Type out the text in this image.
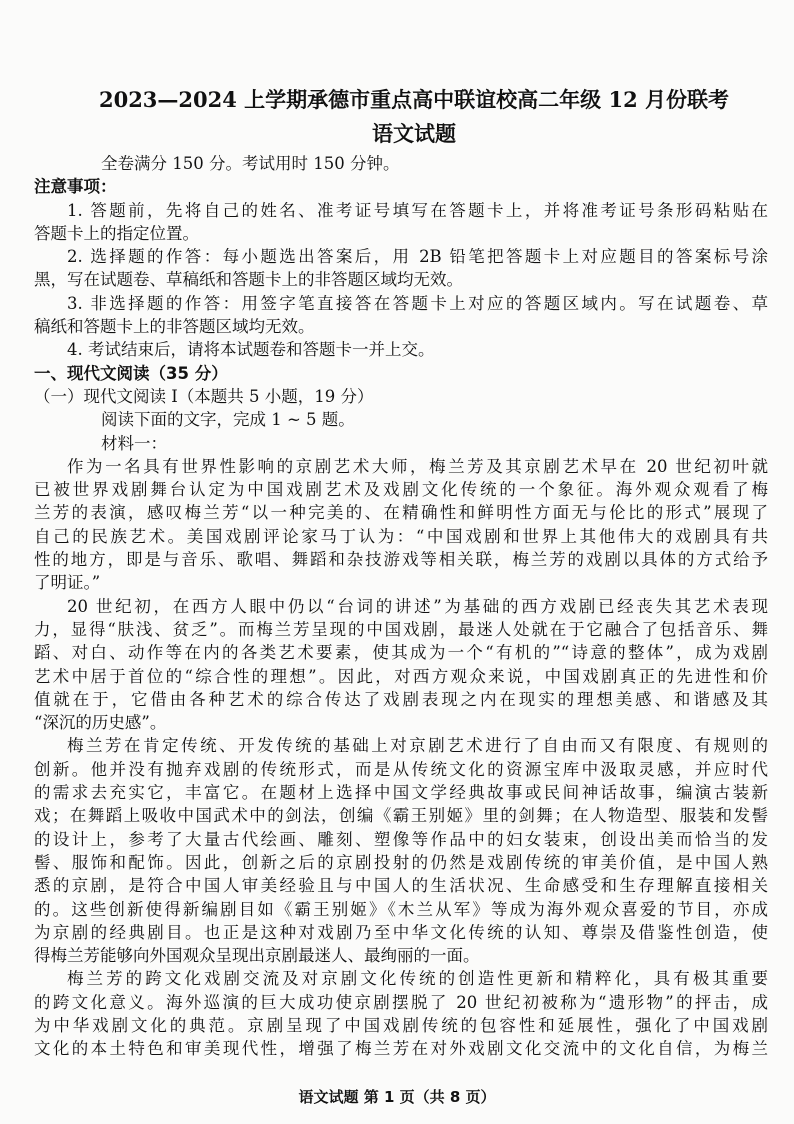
2023—2024 上学期承德市重点高中联谊校高二年级 12 月份联考
语文试题
全卷满分 150 分。考试用时 150 分钟。
注意事项：
1. 答题前，先将自己的姓名、准考证号填写在答题卡上，并将准考证号条形码粘贴在
答题卡上的指定位置。
2. 选择题的作答：每小题选出答案后，用 2B 铅笔把答题卡上对应题目的答案标号涂
黑，写在试题卷、草稿纸和答题卡上的非答题区域均无效。
3. 非选择题的作答：用签字笔直接答在答题卡上对应的答题区域内。写在试题卷、草
稿纸和答题卡上的非答题区域均无效。
4. 考试结束后，请将本试题卷和答题卡一并上交。
一、现代文阅读（35 分）
（一）现代文阅读 Ⅰ（本题共 5 小题，19 分）
阅读下面的文字，完成 1 ~ 5 题。
材料一：
作为一名具有世界性影响的京剧艺术大师，梅兰芳及其京剧艺术早在 20 世纪初叶就
已被世界戏剧舞台认定为中国戏剧艺术及戏剧文化传统的一个象征。海外观众观看了梅
兰芳的表演，感叹梅兰芳“以一种完美的、在精确性和鲜明性方面无与伦比的形式”展现了
自己的民族艺术。美国戏剧评论家马丁认为：“中国戏剧和世界上其他伟大的戏剧具有共
性的地方，即是与音乐、歌唱、舞蹈和杂技游戏等相关联，梅兰芳的戏剧以具体的方式给予
了明证。”
20 世纪初，在西方人眼中仍以“台词的讲述”为基础的西方戏剧已经丧失其艺术表现
力，显得“肤浅、贫乏”。而梅兰芳呈现的中国戏剧，最迷人处就在于它融合了包括音乐、舞
蹈、对白、动作等在内的各类艺术要素，使其成为一个“有机的”“诗意的整体”，成为戏剧
艺术中居于首位的“综合性的理想”。因此，对西方观众来说，中国戏剧真正的先进性和价
值就在于，它借由各种艺术的综合传达了戏剧表现之内在现实的理想美感、和谐感及其
“深沉的历史感”。
梅兰芳在肯定传统、开发传统的基础上对京剧艺术进行了自由而又有限度、有规则的
创新。他并没有抛弃戏剧的传统形式，而是从传统文化的资源宝库中汲取灵感，并应时代
的需求去充实它，丰富它。在题材上选择中国文学经典故事或民间神话故事，编演古装新
戏；在舞蹈上吸收中国武术中的剑法，创编《霸王别姬》里的剑舞；在人物造型、服装和发髻
的设计上，参考了大量古代绘画、雕刻、塑像等作品中的妇女装束，创设出美而恰当的发
髻、服饰和配饰。因此，创新之后的京剧投射的仍然是戏剧传统的审美价值，是中国人熟
悉的京剧，是符合中国人审美经验且与中国人的生活状况、生命感受和生存理解直接相关
的。这些创新使得新编剧目如《霸王别姬》《木兰从军》等成为海外观众喜爱的节目，亦成
为京剧的经典剧目。也正是这种对戏剧乃至中华文化传统的认知、尊崇及借鉴性创造，使
得梅兰芳能够向外国观众呈现出京剧最迷人、最绚丽的一面。
梅兰芳的跨文化戏剧交流及对京剧文化传统的创造性更新和精粹化，具有极其重要
的跨文化意义。海外巡演的巨大成功使京剧摆脱了 20 世纪初被称为“遗形物”的抨击，成
为中华戏剧文化的典范。京剧呈现了中国戏剧传统的包容性和延展性，强化了中国戏剧
文化的本土特色和审美现代性，增强了梅兰芳在对外戏剧文化交流中的文化自信，为梅兰
语文试题 第 1 页（共 8 页）
